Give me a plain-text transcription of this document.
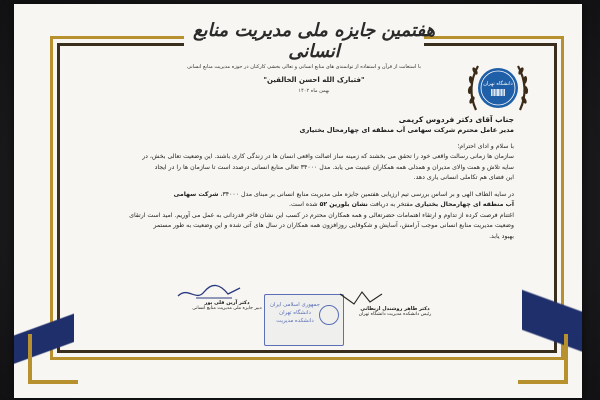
هفتمین جایزه ملی مدیریت منابع انسانی
با استعانت از قرآن و استفاده از توانمندی های منابع انسانی و تعالی بخشی کارکنان در حوزه مدیریت منابع انسانی
"فتبارک الله احسن الخالقین"
بهمن ماه ۱۴۰۲
دانشگاه تهران

جناب آقای دکتر فردوس کریمی

مدیر عامل محترم شرکت سهامی آب منطقه ای چهارمحال بختیاری

با سلام و ادای احترام؛

سازمان ها زمانی رسالت واقعی خود را تحقق می بخشند که زمینه ساز اصالت واقعی انسان ها در زندگی کاری باشند. این وضعیت تعالی بخش، در

سایه تلاش و همت والای مدیران و همدلی همه همکاران عینیت می یابد. مدل ۳۴۰۰۰ تعالی منابع انسانی درصدد است تا سازمان ها را در ایجاد

این فضای هم تکاملی انسانی یاری دهد.

در سایه الطاف الهی و بر اساس بررسی تیم ارزیابی هفتمین جایزه ملی مدیریت منابع انسانی بر مبنای مدل ۳۴۰۰۰، شرکت سهامی

آب منطقه ای چهارمحال بختیاری مفتخر به دریافت نشان بلورین ۵۲ شده است.

اغتنام فرصت کرده از تداوم و ارتقاء اهتمامات حضرتعالی و همه همکاران محترم در کسب این نشان فاخر قدردانی به عمل می آوریم. امید است ارتقای

وضعیت مدیریت منابع انسانی موجب آرامش، آسایش و شکوفایی روزافزون همه همکاران در سال های آتی شده و این وضعیت به طور مستمر

بهبود یابد.

دکتر آرین قلی پور
دبیر جایزه ملی مدیریت منابع انسانی
جمهوری اسلامی ایران
دانشگاه تهران
دانشکده مدیریت
دکتر طاهر روشندل اربطانی
رئیس دانشکده مدیریت دانشگاه تهران
